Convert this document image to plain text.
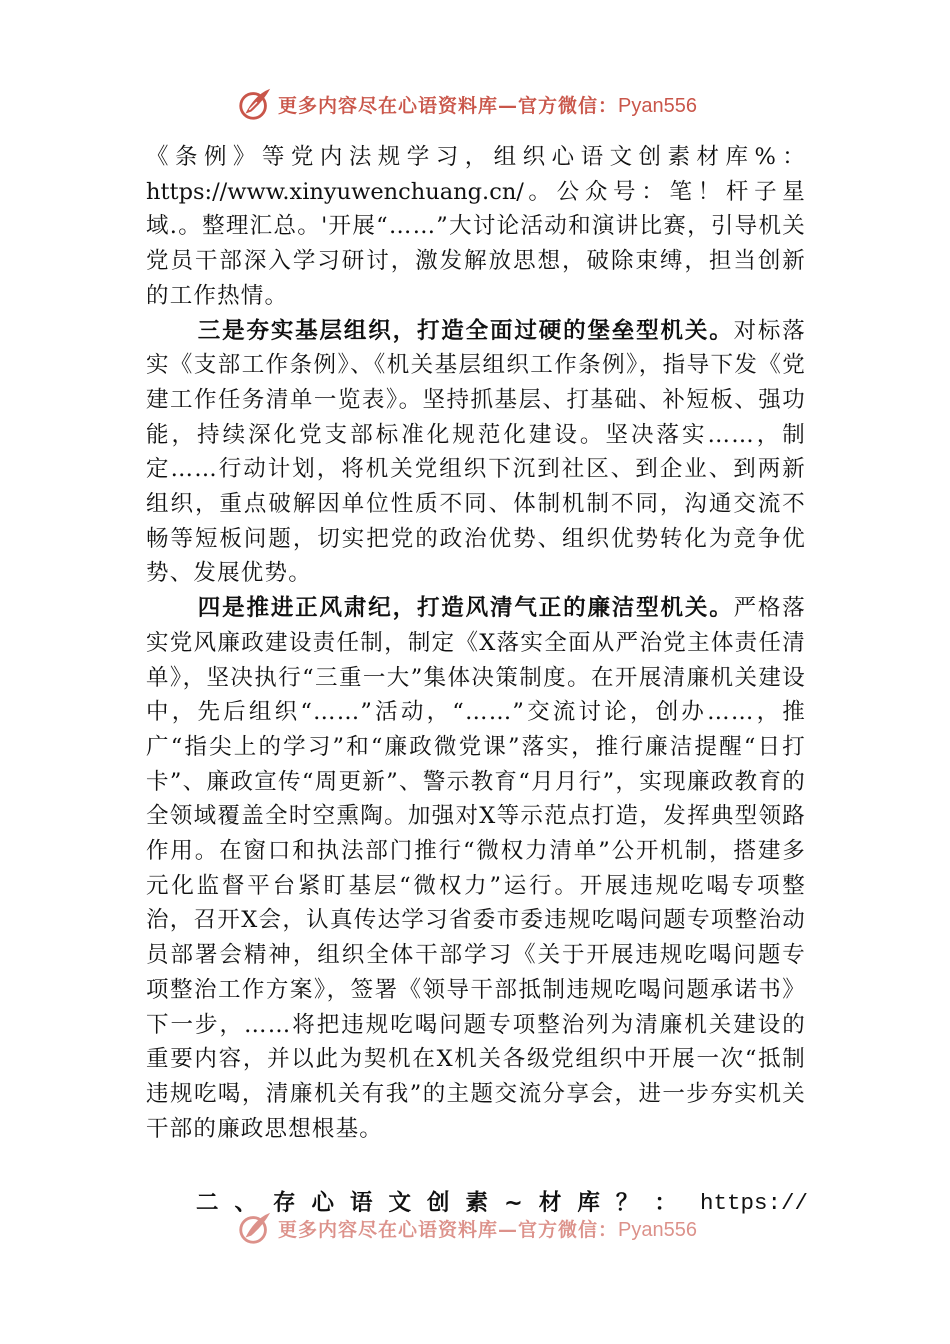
更多内容尽在心语资料库—官方微信：Pyan556

《条例》等党内法规学习，组织心语文创素材库%：https://www.xinyuwenchuang.cn/。公众号：笔！杆子星域.。整理汇总。'开展“……”大讨论活动和演讲比赛，引导机关党员干部深入学习研讨，激发解放思想，破除束缚，担当创新的工作热情。

三是夯实基层组织，打造全面过硬的堡垒型机关。对标落实《支部工作条例》、《机关基层组织工作条例》，指导下发《党建工作任务清单一览表》。坚持抓基层、打基础、补短板、强功能，持续深化党支部标准化规范化建设。坚决落实……，制定……行动计划，将机关党组织下沉到社区、到企业、到两新组织，重点破解因单位性质不同、体制机制不同，沟通交流不畅等短板问题，切实把党的政治优势、组织优势转化为竞争优势、发展优势。

四是推进正风肃纪，打造风清气正的廉洁型机关。严格落实党风廉政建设责任制，制定《X落实全面从严治党主体责任清单》，坚决执行“三重一大”集体决策制度。在开展清廉机关建设中，先后组织“……”活动，“……”交流讨论，创办……，推广“指尖上的学习”和“廉政微党课”落实，推行廉洁提醒“日打卡”、廉政宣传“周更新”、警示教育“月月行”，实现廉政教育的全领域覆盖全时空熏陶。加强对X等示范点打造，发挥典型领路作用。在窗口和执法部门推行“微权力清单”公开机制，搭建多元化监督平台紧盯基层“微权力”运行。开展违规吃喝专项整治，召开X会，认真传达学习省委市委违规吃喝问题专项整治动员部署会精神，组织全体干部学习《关于开展违规吃喝问题专项整治工作方案》，签署《领导干部抵制违规吃喝问题承诺书》下一步，……将把违规吃喝问题专项整治列为清廉机关建设的重要内容，并以此为契机在X机关各级党组织中开展一次“抵制违规吃喝，清廉机关有我”的主题交流分享会，进一步夯实机关干部的廉政思想根基。

二、存心语文创素~材库？： https://
更多内容尽在心语资料库—官方微信：Pyan556
